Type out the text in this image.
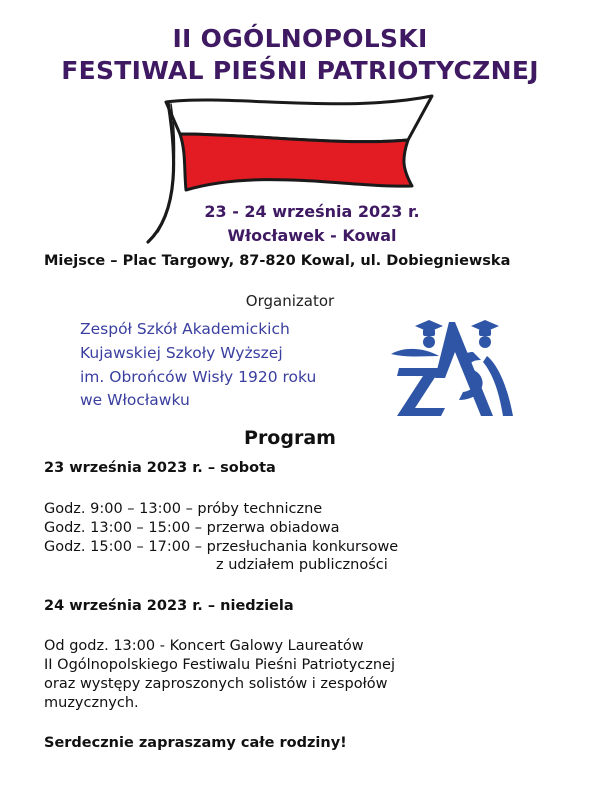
II OGÓLNOPOLSKI
FESTIWAL PIEŚNI PATRIOTYCZNEJ
23 - 24 września 2023 r.
Włocławek - Kowal
Miejsce – Plac Targowy, 87-820 Kowal, ul. Dobiegniewska
Organizator
Zespół Szkół Akademickich
Kujawskiej Szkoły Wyższej
im. Obrońców Wisły 1920 roku
we Włocławku
Program
23 września 2023 r. – sobota
Godz. 9:00 – 13:00 – próby techniczne
Godz. 13:00 – 15:00 – przerwa obiadowa
Godz. 15:00 – 17:00 – przesłuchania konkursowe
z udziałem publiczności
24 września 2023 r. – niedziela
Od godz. 13:00 - Koncert Galowy Laureatów
II Ogólnopolskiego Festiwalu Pieśni Patriotycznej
oraz występy zaproszonych solistów i zespołów
muzycznych.
Serdecznie zapraszamy całe rodziny!
